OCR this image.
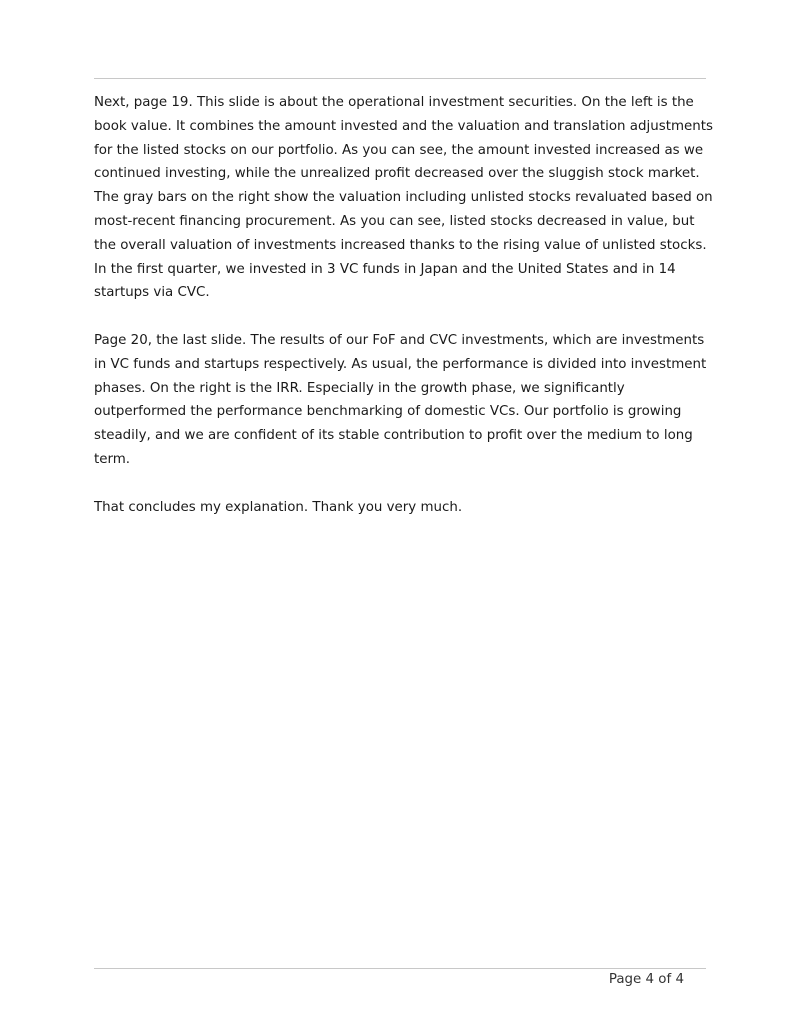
Next, page 19. This slide is about the operational investment securities. On the left is the book value. It combines the amount invested and the valuation and translation adjustments for the listed stocks on our portfolio. As you can see, the amount invested increased as we continued investing, while the unrealized profit decreased over the sluggish stock market. The gray bars on the right show the valuation including unlisted stocks revaluated based on most-recent financing procurement. As you can see, listed stocks decreased in value, but the overall valuation of investments increased thanks to the rising value of unlisted stocks. In the first quarter, we invested in 3 VC funds in Japan and the United States and in 14 startups via CVC.

Page 20, the last slide. The results of our FoF and CVC investments, which are investments in VC funds and startups respectively. As usual, the performance is divided into investment phases. On the right is the IRR. Especially in the growth phase, we significantly outperformed the performance benchmarking of domestic VCs. Our portfolio is growing steadily, and we are confident of its stable contribution to profit over the medium to long term.

That concludes my explanation. Thank you very much.

Page 4 of 4
